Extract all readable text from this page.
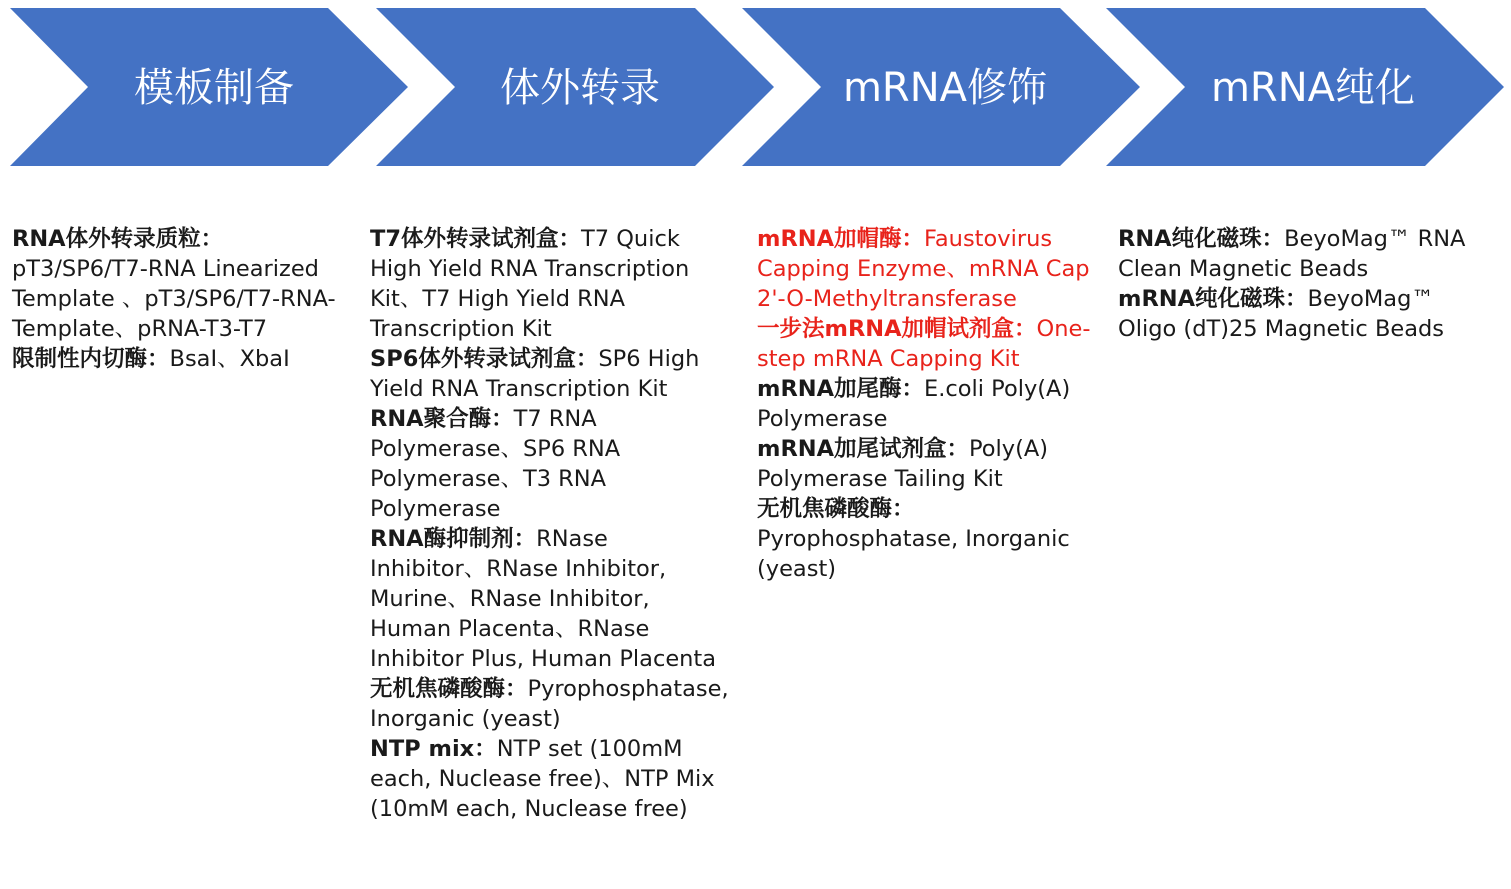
模板制备	体外转录	mRNA修饰	mRNA纯化
RNA体外转录质粒：pT3/SP6/T7-RNA Linearized Template 、pT3/SP6/T7-RNA-Template、pRNA-T3-T7
限制性内切酶：BsaI、XbaI
T7体外转录试剂盒：T7 Quick High Yield RNA Transcription Kit、T7 High Yield RNA Transcription Kit
SP6体外转录试剂盒：SP6 High Yield RNA Transcription Kit
RNA聚合酶：T7 RNA Polymerase、SP6 RNA Polymerase、T3 RNA Polymerase
RNA酶抑制剂：RNase Inhibitor、RNase Inhibitor, Murine、RNase Inhibitor, Human Placenta、RNase Inhibitor Plus, Human Placenta
无机焦磷酸酶：Pyrophosphatase, Inorganic (yeast)
NTP mix：NTP set (100mM each, Nuclease free)、NTP Mix (10mM each, Nuclease free)
mRNA加帽酶：Faustovirus Capping Enzyme、mRNA Cap 2'-O-Methyltransferase
一步法mRNA加帽试剂盒：One-step mRNA Capping Kit
mRNA加尾酶：E.coli Poly(A) Polymerase
mRNA加尾试剂盒：Poly(A) Polymerase Tailing Kit
无机焦磷酸酶：Pyrophosphatase, Inorganic (yeast)
RNA纯化磁珠：BeyoMag™ RNA Clean Magnetic Beads
mRNA纯化磁珠：BeyoMag™ Oligo (dT)25 Magnetic Beads
